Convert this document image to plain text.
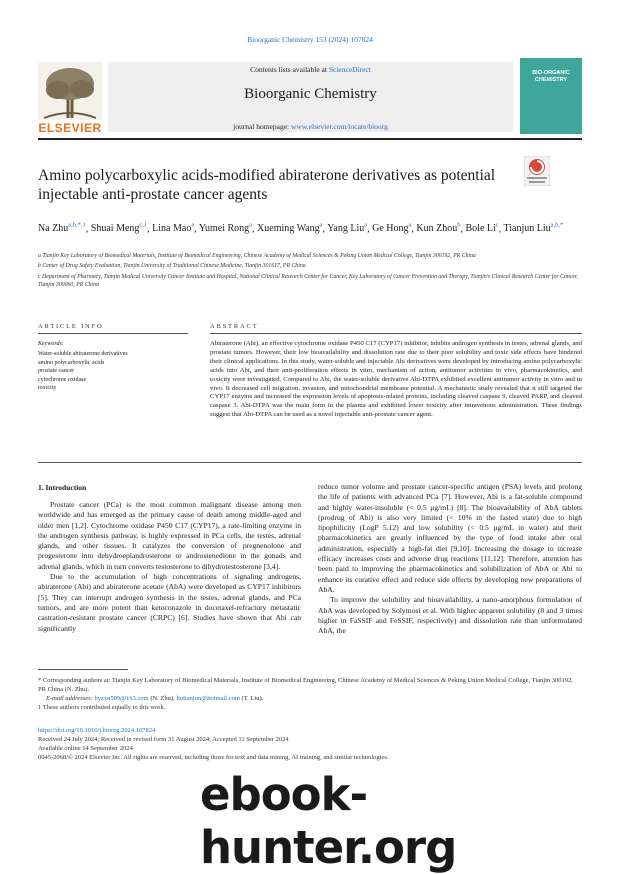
Bioorganic Chemistry 153 (2024) 107824
Contents lists available at ScienceDirect
Bioorganic Chemistry
journal homepage: www.elsevier.com/locate/bioorg
ELSEVIER
BIO-ORGANIC CHEMISTRY
Amino polycarboxylic acids-modified abiraterone derivatives as potential injectable anti-prostate cancer agents
Na Zhu$^{a,b,*,1}$, Shuai Meng$^{c,1}$, Lina Mao$^a$, Yumei Rong$^a$, Xueming Wang$^a$, Yang Liu$^a$, Ge Hong$^a$, Kun Zhou$^b$, Bole Li$^c$, Tianjun Liu$^{a,b,*}$

a Tianjin Key Laboratory of Biomedical Materials, Institute of Biomedical Engineering, Chinese Academy of Medical Sciences & Peking Union Medical College, Tianjin 300192, PR China

b Center of Drug Safety Evaluation, Tianjin University of Traditional Chinese Medicine, Tianjin 301617, PR China

c Department of Pharmacy, Tianjin Medical University Cancer Institute and Hospital, National Clinical Research Center for Cancer, Key Laboratory of Cancer Prevention and Therapy, Tianjin's Clinical Research Center for Cancer, Tianjin 300060, PR China

ARTICLE INFO	ABSTRACT
Keywords:
Water-soluble abiraterone derivatives
amino polycarboxylic acids
prostate cancer
cytochrome oxidase
toxicity

Abiraterone (Abi), an effective cytochrome oxidase P450 C17 (CYP17) inhibitor, inhibits androgen synthesis in testes, adrenal glands, and prostate tumors. However, their low bioavailability and dissolution rate due to their poor solubility and toxic side effects have hindered their clinical applications. In this study, water-soluble and injectable Abi derivatives were developed by introducing amino polycarboxylic acids into Abi, and their anti-proliferation effects in vitro, mechanism of action, antitumor activities in vivo, pharmacokinetics, and toxicity were investigated. Compared to Abi, the water-soluble derivative Abi-DTPA exhibited excellent antitumor activity in vitro and in vivo. It decreased cell migration, invasion, and mitochondrial membrane potential. A mechanistic study revealed that it still targeted the CYP17 enzyme and increased the expression levels of apoptosis-related proteins, including cleaved caspase 9, cleaved PARP, and cleaved caspase 3. Abi-DTPA was the main form in the plasma and exhibited lower toxicity after intravenous administration. These findings suggest that Abi-DTPA can be used as a novel injectable anti-prostate cancer agent.

1. Introduction

Prostate cancer (PCa) is the most common malignant disease among men worldwide and has emerged as the primary cause of death among middle-aged and older men [1,2]. Cytochrome oxidase P450 C17 (CYP17), a rate-limiting enzyme in the androgen synthesis pathway, is highly expressed in PCa cells, the testes, adrenal glands, and other tissues. It catalyzes the conversion of pregnenolone and progesterone into dehydroepiandrosterone or androstenedione in the gonads and adrenal glands, which in turn converts testosterone to dihydrotestosterone [3,4].

Due to the accumulation of high concentrations of signaling androgens, abiraterone (Abi) and abiraterone acetate (AbA) were developed as CYP17 inhibitors [5]. They can interrupt androgen synthesis in the testes, adrenal glands, and PCa tumors, and are more potent than ketoconazole in docetaxel-refractory metastatic castration-resistant prostate cancer (CRPC) [6]. Studies have shown that Abi can significantly

reduce tumor volume and prostate cancer-specific antigen (PSA) levels and prolong the life of patients with advanced PCa [7]. However, Abi is a fat-soluble compound and highly water-insoluble (< 0.5 μg/mL) [8]. The bioavailability of AbA tablets (prodrug of Abi) is also very limited (< 10% in the fasted state) due to high lipophilicity (LogP 5.12) and low solubility (< 0.5 μg/mL in water) and their pharmacokinetics are greatly influenced by the type of food intake after oral administration, especially a high-fat diet [9,10]. Increasing the dosage to increase efficacy increases costs and adverse drug reactions [11,12]. Therefore, attention has been paid to improving the pharmacokinetics and solubilization of AbA or Abi to enhance its curative effect and reduce side effects by developing new preparations of AbA.

To improve the solubility and bioavailability, a nano-amorphous formulation of AbA was developed by Solymosi et al. With higher apparent solubility (8 and 3 times higher in FaSSIF and FeSSIF, respectively) and dissolution rate than unformulated AbA, the

* Corresponding authors at: Tianjin Key Laboratory of Biomedical Materials, Institute of Biomedical Engineering, Chinese Academy of Medical Sciences & Peking Union Medical College, Tianjin 300192, PR China (N. Zhu).

E-mail addresses: byzxn509@163.com (N. Zhu), liutianjun@hotmail.com (T. Liu).

1 These authors contributed equally to this work.

https://doi.org/10.1016/j.bioorg.2024.107824

Received 24 July 2024; Received in revised form 31 August 2024; Accepted 11 September 2024

Available online 14 September 2024

0045-2068/© 2024 Elsevier Inc. All rights are reserved, including those for text and data mining, AI training, and similar technologies.

ebook-hunter.org
